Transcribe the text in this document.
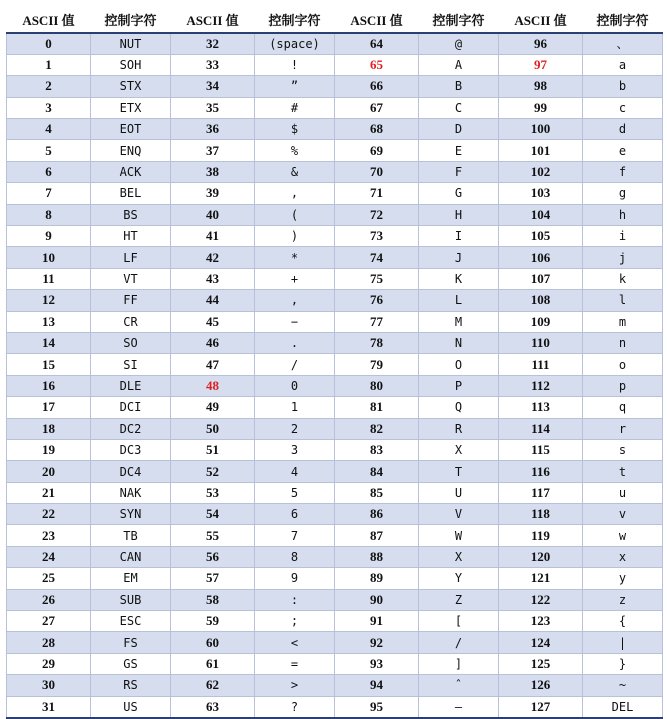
ASCII 值	控制字符	ASCII 值	控制字符	ASCII 值	控制字符	ASCII 值	控制字符
0	NUT	32	(space)	64	@	96	、
1	SOH	33	!	65	A	97	a
2	STX	34	”	66	B	98	b
3	ETX	35	#	67	C	99	c
4	EOT	36	$	68	D	100	d
5	ENQ	37	%	69	E	101	e
6	ACK	38	&	70	F	102	f
7	BEL	39	,	71	G	103	g
8	BS	40	(	72	H	104	h
9	HT	41	)	73	I	105	i
10	LF	42	*	74	J	106	j
11	VT	43	+	75	K	107	k
12	FF	44	,	76	L	108	l
13	CR	45	−	77	M	109	m
14	SO	46	.	78	N	110	n
15	SI	47	/	79	O	111	o
16	DLE	48	0	80	P	112	p
17	DCI	49	1	81	Q	113	q
18	DC2	50	2	82	R	114	r
19	DC3	51	3	83	X	115	s
20	DC4	52	4	84	T	116	t
21	NAK	53	5	85	U	117	u
22	SYN	54	6	86	V	118	v
23	TB	55	7	87	W	119	w
24	CAN	56	8	88	X	120	x
25	EM	57	9	89	Y	121	y
26	SUB	58	:	90	Z	122	z
27	ESC	59	;	91	[	123	{
28	FS	60	<	92	/	124	|
29	GS	61	=	93	]	125	}
30	RS	62	>	94	ˆ	126	~
31	US	63	?	95	—	127	DEL
